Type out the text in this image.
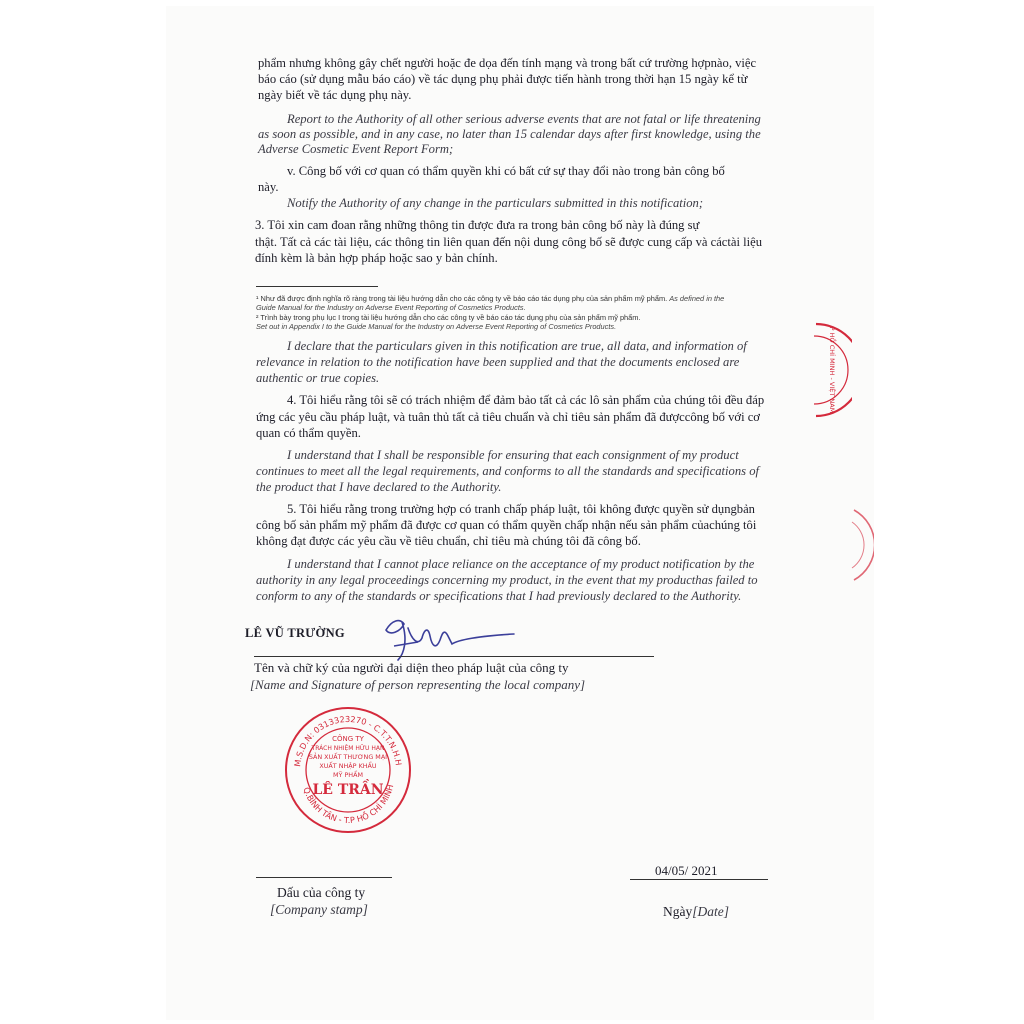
phẩm nhưng không gây chết người hoặc đe dọa đến tính mạng và trong bất cứ trường hợpnào, việc
báo cáo (sử dụng mẫu báo cáo) về tác dụng phụ phải được tiến hành trong thời hạn 15 ngày kể từ
ngày biết về tác dụng phụ này.
Report to the Authority of all other serious adverse events that are not fatal or life threatening
as soon as possible, and in any case, no later than 15 calendar days after first knowledge, using the
Adverse Cosmetic Event Report Form;
v. Công bố với cơ quan có thẩm quyền khi có bất cứ sự thay đổi nào trong bản công bố
này.
Notify the Authority of any change in the particulars submitted in this notification;
3. Tôi xin cam đoan rằng những thông tin được đưa ra trong bản công bố này là đúng sự
thật. Tất cả các tài liệu, các thông tin liên quan đến nội dung công bố sẽ được cung cấp và cáctài liệu
đính kèm là bản hợp pháp hoặc sao y bản chính.
¹ Như đã được định nghĩa rõ ràng trong tài liệu hướng dẫn cho các công ty về báo cáo tác dụng phụ của sản phẩm mỹ phẩm. As defined in the
Guide Manual for the Industry on Adverse Event Reporting of Cosmetics Products.
² Trình bày trong phụ lục I trong tài liệu hướng dẫn cho các công ty về báo cáo tác dụng phụ của sản phẩm mỹ phẩm.
Set out in Appendix I to the Guide Manual for the Industry on Adverse Event Reporting of Cosmetics Products.
I declare that the particulars given in this notification are true, all data, and information of
relevance in relation to the notification have been supplied and that the documents enclosed are
authentic or true copies.
4. Tôi hiểu rằng tôi sẽ có trách nhiệm để đảm bảo tất cả các lô sản phẩm của chúng tôi đều đáp
ứng các yêu cầu pháp luật, và tuân thủ tất cả tiêu chuẩn và chỉ tiêu sản phẩm đã đượccông bố với cơ
quan có thẩm quyền.
I understand that I shall be responsible for ensuring that each consignment of my product
continues to meet all the legal requirements, and conforms to all the standards and specifications of
the product that I have declared to the Authority.
5. Tôi hiểu rằng trong trường hợp có tranh chấp pháp luật, tôi không được quyền sử dụngbản
công bố sản phẩm mỹ phẩm đã được cơ quan có thẩm quyền chấp nhận nếu sản phẩm củachúng tôi
không đạt được các yêu cầu về tiêu chuẩn, chỉ tiêu mà chúng tôi đã công bố.
I understand that I cannot place reliance on the acceptance of my product notification by the
authority in any legal proceedings concerning my product, in the event that my producthas failed to
conform to any of the standards or specifications that I had previously declared to the Authority.
LÊ VŨ TRƯỜNG
Tên và chữ ký của người đại diện theo pháp luật của công ty
[Name and Signature of person representing the local company]
M.S.D.N: 0313323270 - C.T.T.N.H.H
Q.BÌNH TÂN - T.P HỒ CHÍ MINH
CÔNG TY
TRÁCH NHIỆM HỮU HẠN
SẢN XUẤT THƯƠNG MẠI
XUẤT NHẬP KHẨU
MỸ PHẨM
LÊ TRẦN
P HỒ CHÍ MINH - VIỆT NAM
Dấu của công ty
[Company stamp]
04/05/ 2021
Ngày[Date]
